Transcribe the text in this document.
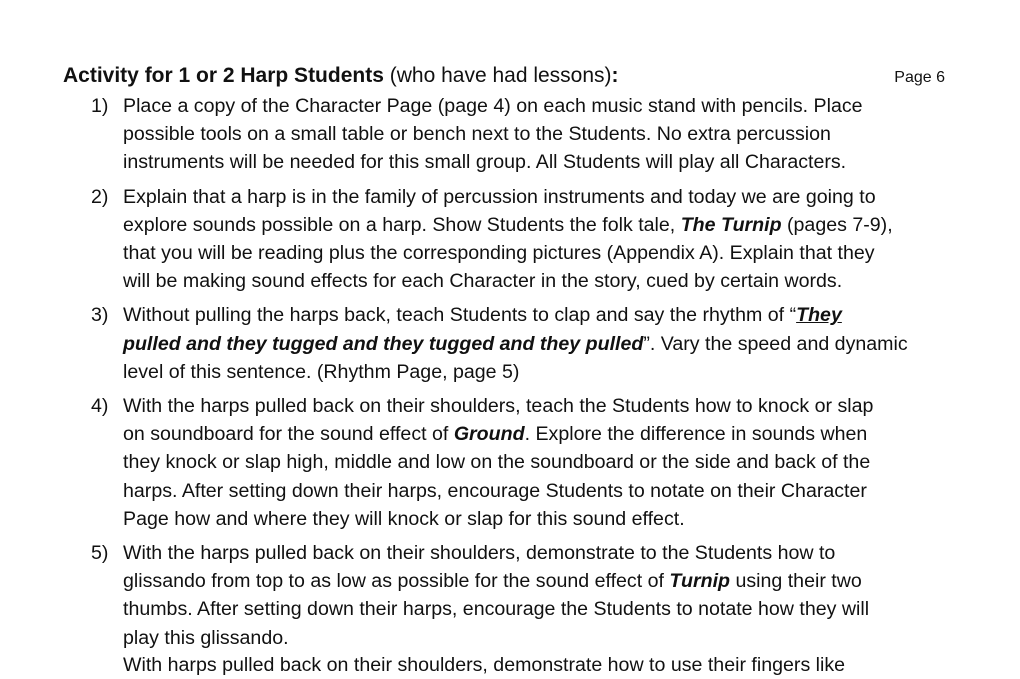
Activity for 1 or 2 Harp Students (who have had lessons):	Page 6
1) Place a copy of the Character Page (page 4) on each music stand with pencils. Place
possible tools on a small table or bench next to the Students. No extra percussion
instruments will be needed for this small group. All Students will play all Characters.
2) Explain that a harp is in the family of percussion instruments and today we are going to
explore sounds possible on a harp. Show Students the folk tale, The Turnip (pages 7-9),
that you will be reading plus the corresponding pictures (Appendix A). Explain that they
will be making sound effects for each Character in the story, cued by certain words.
3) Without pulling the harps back, teach Students to clap and say the rhythm of “They
pulled and they tugged and they tugged and they pulled”. Vary the speed and dynamic
level of this sentence. (Rhythm Page, page 5)
4) With the harps pulled back on their shoulders, teach the Students how to knock or slap
on soundboard for the sound effect of Ground. Explore the difference in sounds when
they knock or slap high, middle and low on the soundboard or the side and back of the
harps. After setting down their harps, encourage Students to notate on their Character
Page how and where they will knock or slap for this sound effect.
5) With the harps pulled back on their shoulders, demonstrate to the Students how to
glissando from top to as low as possible for the sound effect of Turnip using their two
thumbs. After setting down their harps, encourage the Students to notate how they will
play this glissando.
With harps pulled back on their shoulders, demonstrate how to use their fingers like
